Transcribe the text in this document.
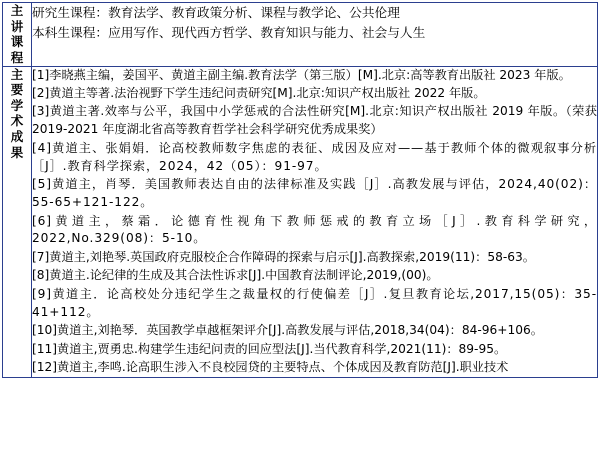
主
讲
课
程

研究生课程：教育法学、教育政策分析、课程与教学论、公共伦理
本科生课程：应用写作、现代西方哲学、教育知识与能力、社会与人生

主
要
学
术
成
果

[1]李晓燕主编，姜国平、黄道主副主编.教育法学（第三版）[M].北京:高等教育出版社 2023 年版。
[2]黄道主等著.法治视野下学生违纪问责研究[M].北京:知识产权出版社 2022 年版。
[3]黄道主著.效率与公平，我国中小学惩戒的合法性研究[M].北京:知识产权出版社 2019 年版。（荣获 2019-2021 年度湖北省高等教育哲学社会科学研究优秀成果奖）
[4]黄道主、张娟娟．论高校教师数字焦虑的表征、成因及应对——基于教师个体的微观叙事分析［J］.教育科学探索，2024，42（05）：91-97。
[5]黄道主，肖琴．美国教师表达自由的法律标准及实践［J］.高教发展与评估，2024,40(02)：55-65+121-122。
[6]黄道主，蔡霜．论德育性视角下教师惩戒的教育立场［J］.教育科学研究，2022,No.329(08)：5-10。
[7]黄道主,刘艳琴.英国政府克服校企合作障碍的探索与启示[J].高教探索,2019(11)：58-63。
[8]黄道主.论纪律的生成及其合法性诉求[J].中国教育法制评论,2019,(00)。
[9]黄道主．论高校处分违纪学生之裁量权的行使偏差［J］.复旦教育论坛,2017,15(05)：35-41+112。
[10]黄道主,刘艳琴．英国教学卓越框架评介[J].高教发展与评估,2018,34(04)：84-96+106。
[11]黄道主,贾勇忠.构建学生违纪问责的回应型法[J].当代教育科学,2021(11)：89-95。
[12]黄道主,李鸣.论高职生涉入不良校园贷的主要特点、个体成因及教育防范[J].职业技术
